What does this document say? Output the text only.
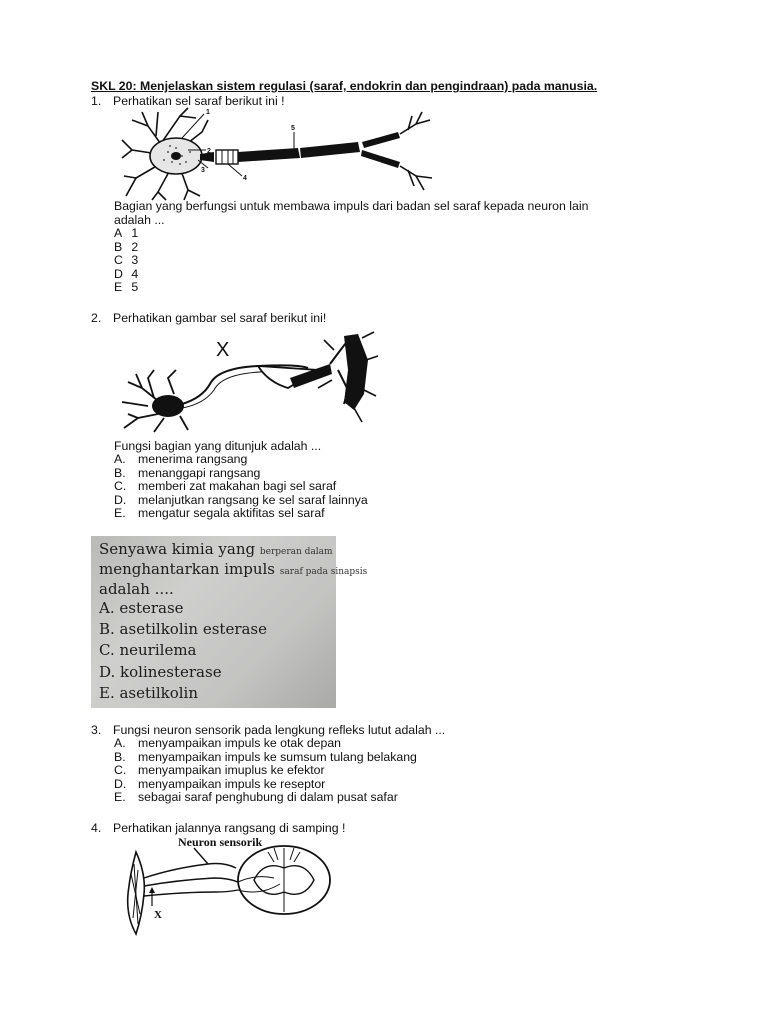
SKL 20: Menjelaskan sistem regulasi (saraf, endokrin dan pengindraan) pada manusia.
1. Perhatikan sel saraf berikut ini !
1
2
3
4
5
Bagian yang berfungsi untuk membawa impuls dari badan sel saraf kepada neuron lain
adalah ...
A 1
B 2
C 3
D 4
E 5
2. Perhatikan gambar sel saraf berikut ini!
X
Fungsi bagian yang ditunjuk adalah ...
A. menerima rangsang
B. menanggapi rangsang
C. memberi zat makahan bagi sel saraf
D. melanjutkan rangsang ke sel saraf lainnya
E. mengatur segala aktifitas sel saraf
Senyawa kimia yang berperan dalam
menghantarkan impuls saraf pada sinapsis
adalah ....
A. esterase
B. asetilkolin esterase
C. neurilema
D. kolinesterase
E. asetilkolin
3. Fungsi neuron sensorik pada lengkung refleks lutut adalah ...
A. menyampaikan impuls ke otak depan
B. menyampaikan impuls ke sumsum tulang belakang
C. menyampaikan imuplus ke efektor
D. menyampaikan impuls ke reseptor
E. sebagai saraf penghubung di dalam pusat safar
4. Perhatikan jalannya rangsang di samping !
Neuron sensorik
X
